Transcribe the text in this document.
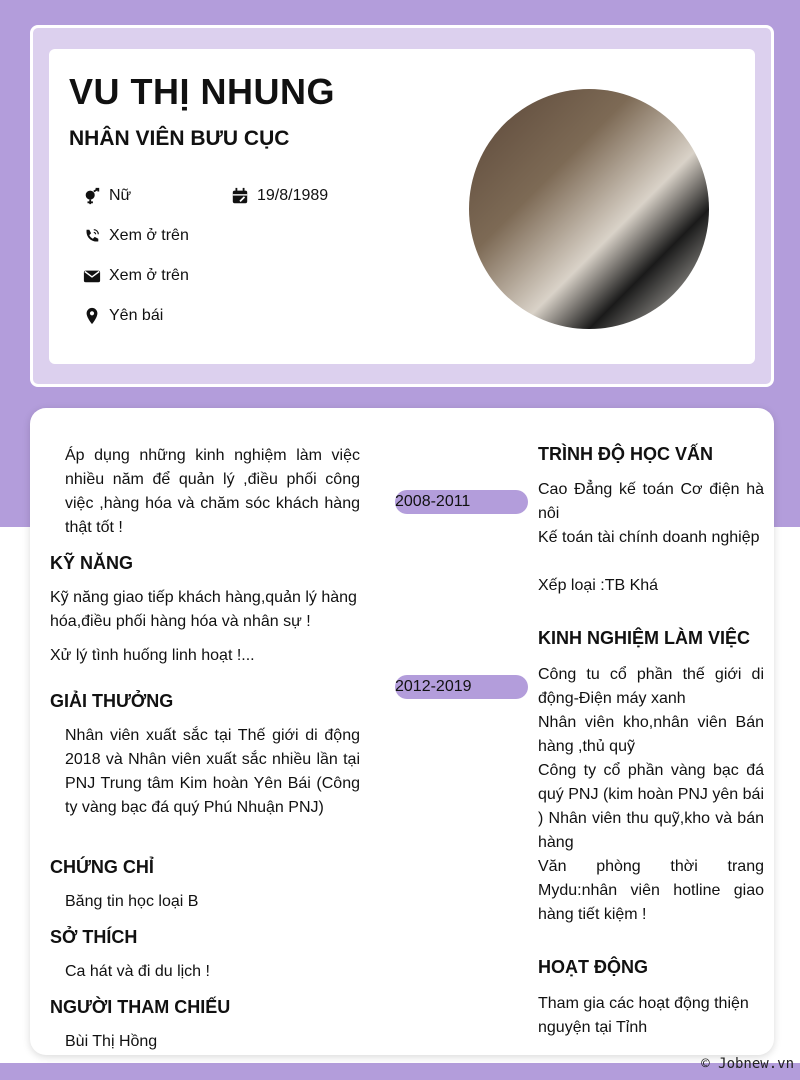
VU THỊ NHUNG
NHÂN VIÊN BƯU CỤC
Nữ	19/8/1989
Xem ở trên
Xem ở trên
Yên bái
Áp dụng những kinh nghiệm làm việc nhiều năm để quản lý ,điều phối công việc ,hàng hóa và chăm sóc khách hàng thật tốt !
KỸ NĂNG
Kỹ năng giao tiếp khách hàng,quản lý hàng hóa,điều phối hàng hóa và nhân sự !
Xử lý tình huống linh hoạt !...
GIẢI THƯỞNG
Nhân viên xuất sắc tại Thế giới di động 2018 và Nhân viên xuất sắc nhiều lần tại PNJ Trung tâm Kim hoàn Yên Bái (Công ty vàng bạc đá quý Phú Nhuận PNJ)
CHỨNG CHỈ
Băng tin học loại B
SỞ THÍCH
Ca hát và đi du lịch !
NGƯỜI THAM CHIẾU
Bùi Thị Hồng
TRÌNH ĐỘ HỌC VẤN
2008-2011
Cao Đẳng kế toán Cơ điện hà nôi
Kế toán tài chính doanh nghiệp
Xếp loại :TB Khá
KINH NGHIỆM LÀM VIỆC
2012-2019
Công tu cổ phần thế giới di động-Điện máy xanh
Nhân viên kho,nhân viên Bán hàng ,thủ quỹ
Công ty cổ phần vàng bạc đá quý PNJ (kim hoàn PNJ yên bái ) Nhân viên thu quỹ,kho và bán hàng
Văn phòng thời trang Mydu:nhân viên hotline giao hàng tiết kiệm !
HOẠT ĐỘNG
Tham gia các hoạt động thiện nguyện tại Tỉnh
© Jobnew.vn
